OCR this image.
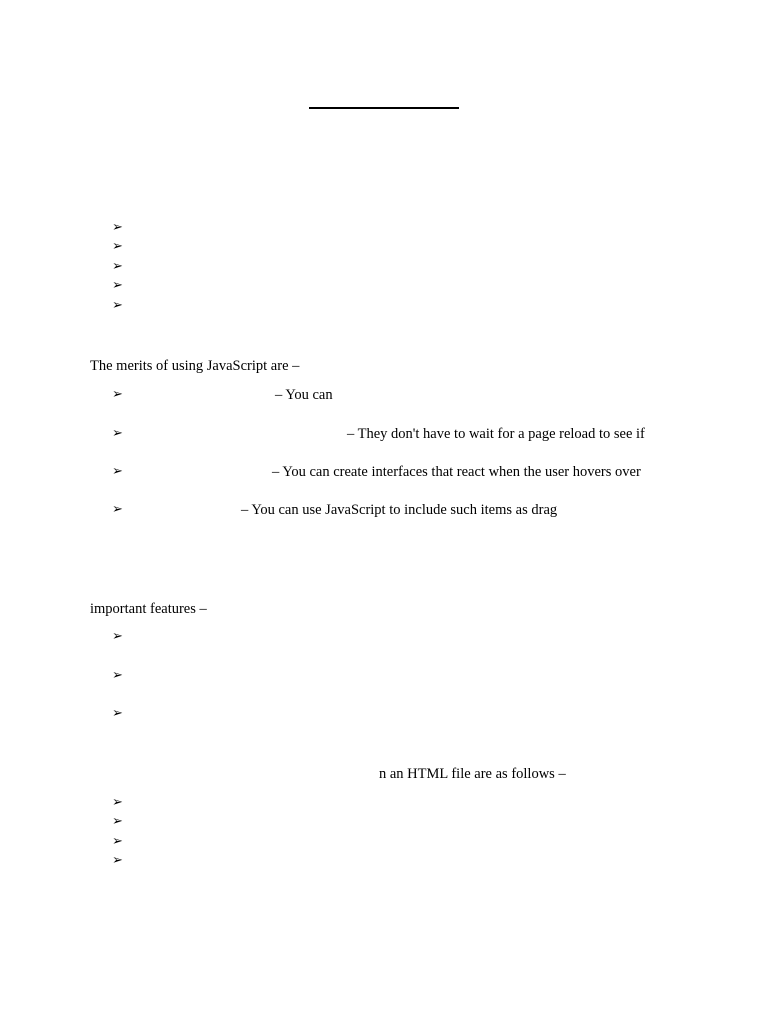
➢
➢
➢
➢
➢
The merits of using JavaScript are –
➢	– You can
➢	– They don't have to wait for a page reload to see if
➢	– You can create interfaces that react when the user hovers over
➢	– You can use JavaScript to include such items as drag
important features –
➢
➢
➢
n an HTML file are as follows –
➢
➢
➢
➢
